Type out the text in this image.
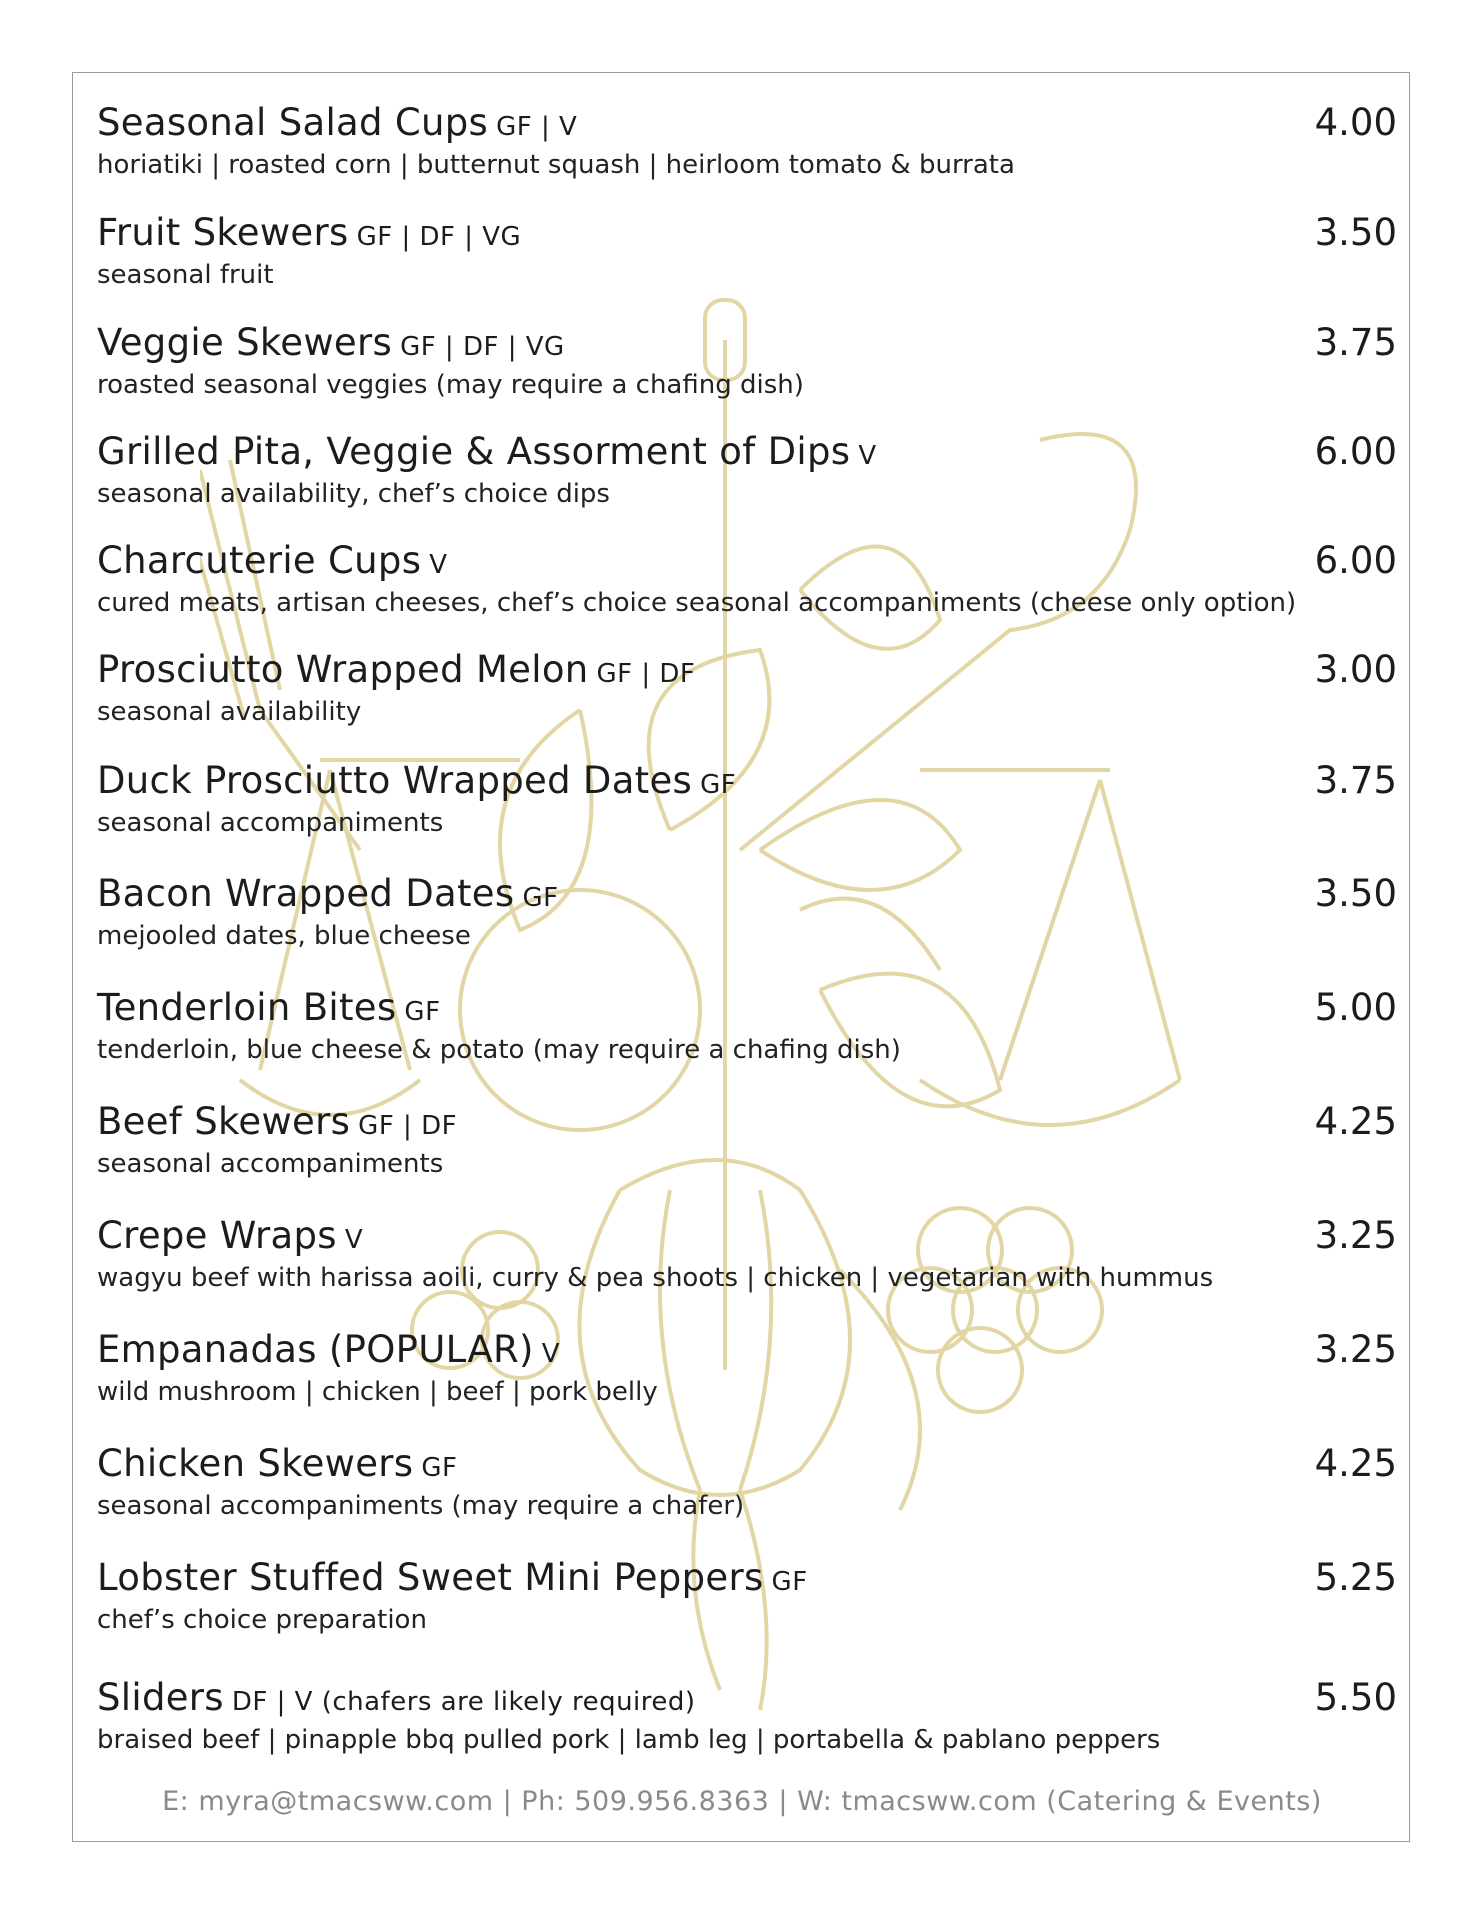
Seasonal Salad Cups GF | V
horiatiki | roasted corn | butternut squash | heirloom tomato & burrata
4.00
Fruit Skewers GF | DF | VG
seasonal fruit
3.50
Veggie Skewers GF | DF | VG
roasted seasonal veggies (may require a chafing dish)
3.75
Grilled Pita, Veggie & Assorment of Dips V
seasonal availability, chef’s choice dips
6.00
Charcuterie Cups V
cured meats, artisan cheeses, chef’s choice seasonal accompaniments (cheese only option)
6.00
Prosciutto Wrapped Melon GF | DF
seasonal availability
3.00
Duck Prosciutto Wrapped Dates GF
seasonal accompaniments
3.75
Bacon Wrapped Dates GF
mejooled dates, blue cheese
3.50
Tenderloin Bites GF
tenderloin, blue cheese & potato (may require a chafing dish)
5.00
Beef Skewers GF | DF
seasonal accompaniments
4.25
Crepe Wraps V
wagyu beef with harissa aoili, curry & pea shoots | chicken | vegetarian with hummus
3.25
Empanadas (POPULAR) V
wild mushroom | chicken | beef | pork belly
3.25
Chicken Skewers GF
seasonal accompaniments (may require a chafer)
4.25
Lobster Stuffed Sweet Mini Peppers GF
chef’s choice preparation
5.25
Sliders DF | V (chafers are likely required)
braised beef | pinapple bbq pulled pork | lamb leg | portabella & pablano peppers
5.50
E: myra@tmacsww.com | Ph: 509.956.8363 | W: tmacsww.com (Catering & Events)
